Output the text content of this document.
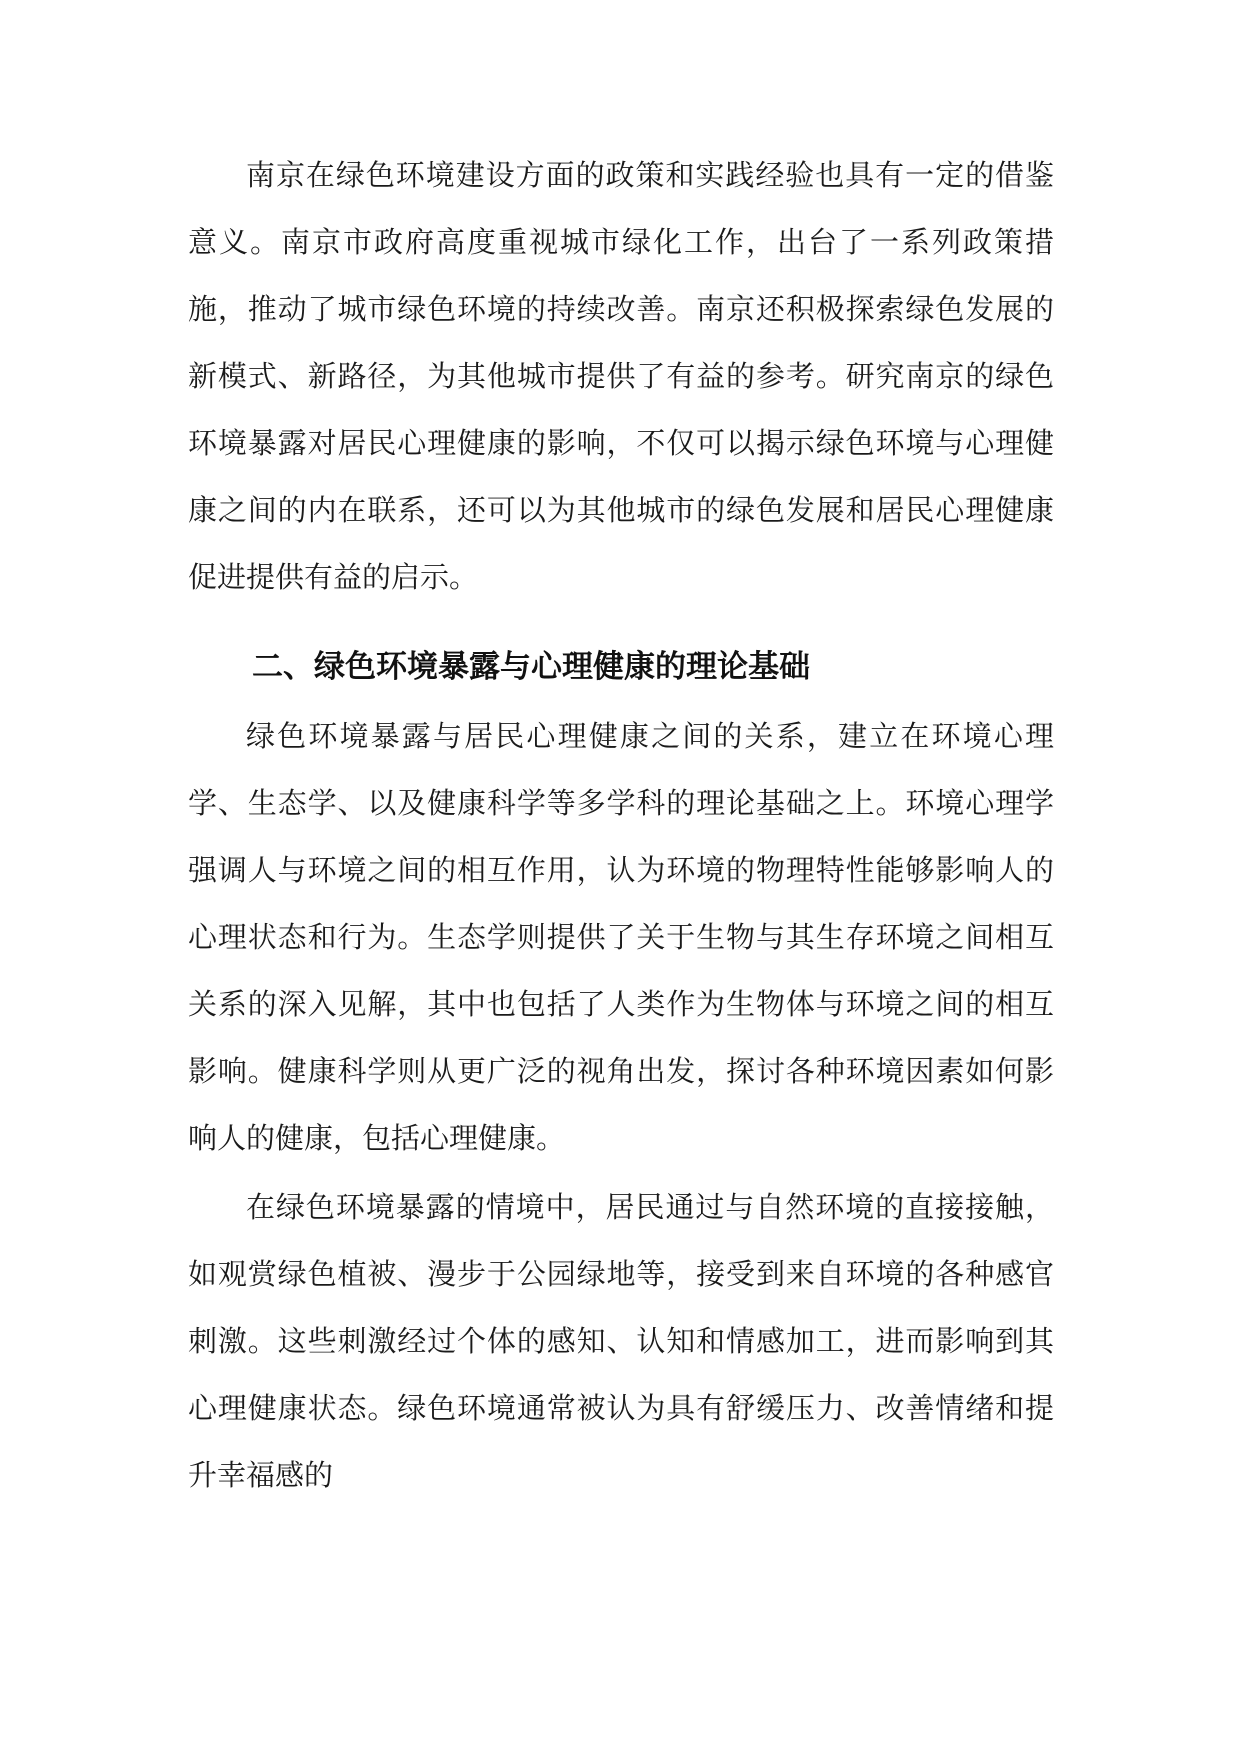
南京在绿色环境建设方面的政策和实践经验也具有一定的借鉴意义。南京市政府高度重视城市绿化工作，出台了一系列政策措施，推动了城市绿色环境的持续改善。南京还积极探索绿色发展的新模式、新路径，为其他城市提供了有益的参考。研究南京的绿色环境暴露对居民心理健康的影响，不仅可以揭示绿色环境与心理健康之间的内在联系，还可以为其他城市的绿色发展和居民心理健康促进提供有益的启示。

二、绿色环境暴露与心理健康的理论基础

绿色环境暴露与居民心理健康之间的关系，建立在环境心理学、生态学、以及健康科学等多学科的理论基础之上。环境心理学强调人与环境之间的相互作用，认为环境的物理特性能够影响人的心理状态和行为。生态学则提供了关于生物与其生存环境之间相互关系的深入见解，其中也包括了人类作为生物体与环境之间的相互影响。健康科学则从更广泛的视角出发，探讨各种环境因素如何影响人的健康，包括心理健康。

在绿色环境暴露的情境中，居民通过与自然环境的直接接触，如观赏绿色植被、漫步于公园绿地等，接受到来自环境的各种感官刺激。这些刺激经过个体的感知、认知和情感加工，进而影响到其心理健康状态。绿色环境通常被认为具有舒缓压力、改善情绪和提升幸福感的
